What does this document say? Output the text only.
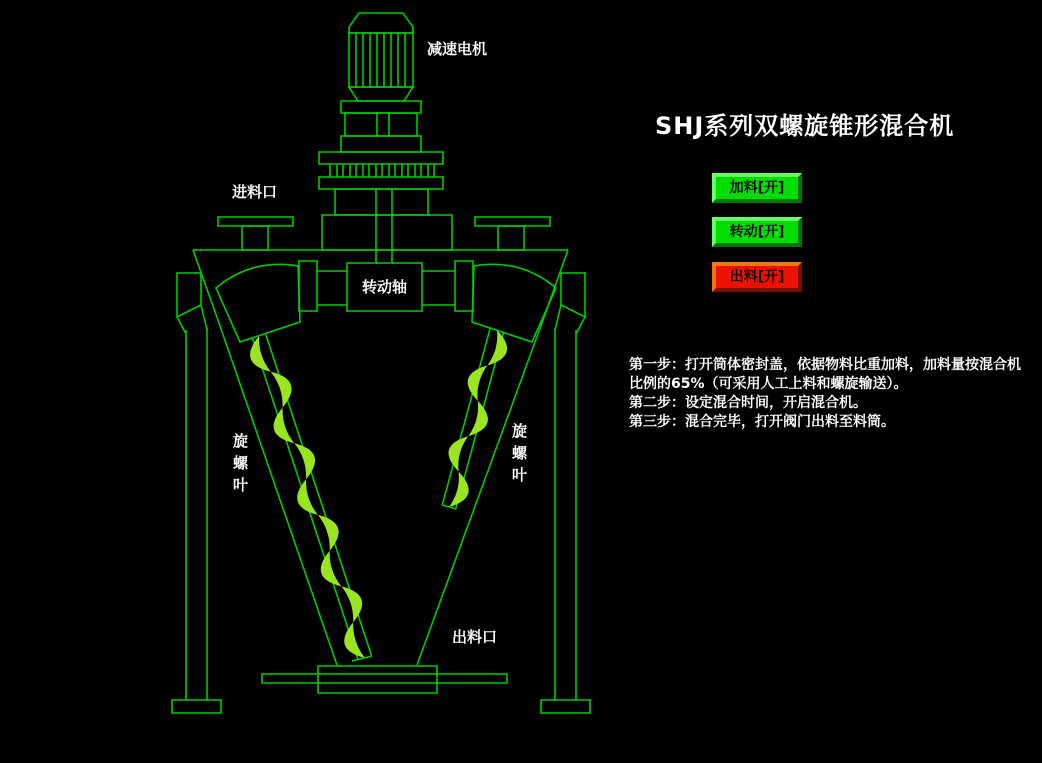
SHJ系列双螺旋锥形混合机
加料[开]
转动[开]
出料[开]
第一步：打开筒体密封盖，依据物料比重加料，加料量按混合机
比例的65%（可采用人工上料和螺旋输送）。
第二步：设定混合时间，开启混合机。
第三步：混合完毕，打开阀门出料至料筒。
减速电机
进料口
转动轴
旋螺叶
旋螺叶
出料口
